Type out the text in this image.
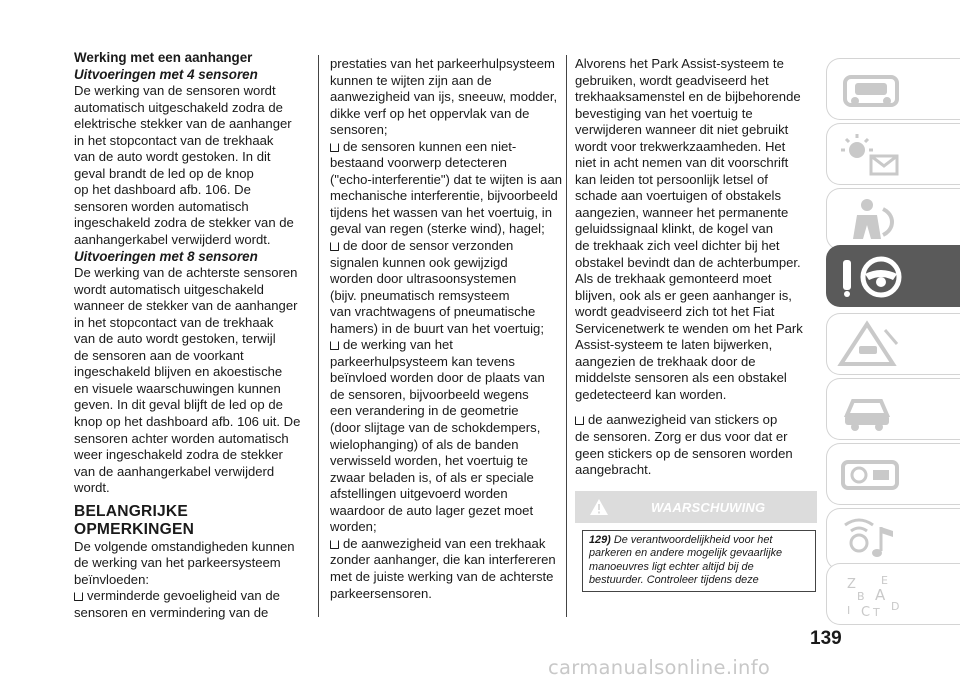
Werking met een aanhanger
Uitvoeringen met 4 sensoren
De werking van de sensoren wordt
automatisch uitgeschakeld zodra de
elektrische stekker van de aanhanger
in het stopcontact van de trekhaak
van de auto wordt gestoken. In dit
geval brandt de led op de knop
op het dashboard afb. 106. De
sensoren worden automatisch
ingeschakeld zodra de stekker van de
aanhangerkabel verwijderd wordt.
Uitvoeringen met 8 sensoren
De werking van de achterste sensoren
wordt automatisch uitgeschakeld
wanneer de stekker van de aanhanger
in het stopcontact van de trekhaak
van de auto wordt gestoken, terwijl
de sensoren aan de voorkant
ingeschakeld blijven en akoestische
en visuele waarschuwingen kunnen
geven. In dit geval blijft de led op de
knop op het dashboard afb. 106 uit. De
sensoren achter worden automatisch
weer ingeschakeld zodra de stekker
van de aanhangerkabel verwijderd
wordt.
BELANGRIJKE
OPMERKINGEN
De volgende omstandigheden kunnen
de werking van het parkeersysteem
beïnvloeden:
verminderde gevoeligheid van de
sensoren en vermindering van de
prestaties van het parkeerhulpsysteem
kunnen te wijten zijn aan de
aanwezigheid van ijs, sneeuw, modder,
dikke verf op het oppervlak van de
sensoren;
de sensoren kunnen een niet-
bestaand voorwerp detecteren
("echo-interferentie") dat te wijten is aan
mechanische interferentie, bijvoorbeeld
tijdens het wassen van het voertuig, in
geval van regen (sterke wind), hagel;
de door de sensor verzonden
signalen kunnen ook gewijzigd
worden door ultrasoonsystemen
(bijv. pneumatisch remsysteem
van vrachtwagens of pneumatische
hamers) in de buurt van het voertuig;
de werking van het
parkeerhulpsysteem kan tevens
beïnvloed worden door de plaats van
de sensoren, bijvoorbeeld wegens
een verandering in de geometrie
(door slijtage van de schokdempers,
wielophanging) of als de banden
verwisseld worden, het voertuig te
zwaar beladen is, of als er speciale
afstellingen uitgevoerd worden
waardoor de auto lager gezet moet
worden;
de aanwezigheid van een trekhaak
zonder aanhanger, die kan interfereren
met de juiste werking van de achterste
parkeersensoren.
Alvorens het Park Assist-systeem te
gebruiken, wordt geadviseerd het
trekhaaksamenstel en de bijbehorende
bevestiging van het voertuig te
verwijderen wanneer dit niet gebruikt
wordt voor trekwerkzaamheden. Het
niet in acht nemen van dit voorschrift
kan leiden tot persoonlijk letsel of
schade aan voertuigen of obstakels
aangezien, wanneer het permanente
geluidssignaal klinkt, de kogel van
de trekhaak zich veel dichter bij het
obstakel bevindt dan de achterbumper.
Als de trekhaak gemonteerd moet
blijven, ook als er geen aanhanger is,
wordt geadviseerd zich tot het Fiat
Servicenetwerk te wenden om het Park
Assist-systeem te laten bijwerken,
aangezien de trekhaak door de
middelste sensoren als een obstakel
gedetecteerd kan worden.
de aanwezigheid van stickers op
de sensoren. Zorg er dus voor dat er
geen stickers op de sensoren worden
aangebracht.
WAARSCHUWING
129) De verantwoordelijkheid voor het
parkeren en andere mogelijk gevaarlijke
manoeuvres ligt echter altijd bij de
bestuurder. Controleer tijdens deze	Z E
B A
I C T D
139
carmanualsonline.info
